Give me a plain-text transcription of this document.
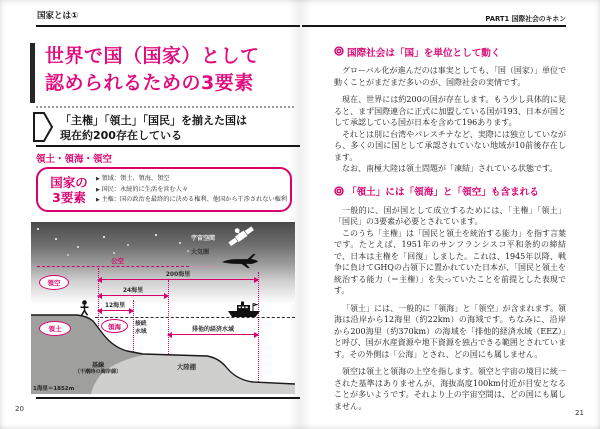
国家とは①
世界で国（国家）として
認められるための3要素
「主権」「領土」「国民」を揃えた国は
現在約200存在している
領土・領海・領空
国家の
3要素
▶ 領域：領土、領海、領空
▶ 国民：永続的に生活を営む人々
▶ 主権：国の政治を最終的に決める権利、他国から干渉されない権利
宇宙空間
大気圏
公空
200海里
24海里
12海里
排他的経済水域
領空
領土	領海	接続
水域
大陸棚
基線
（干潮時の海岸線）
1海里＝1852m
20
PART1 国際社会のキホン
国際社会は「国」を単位として動く

グローバル化が進んだのは事実としても、「国（国家）」単位で動くことがまだまだ多いのが、国際社会の実情です。

現在、世界には約200の国が存在します。もう少し具体的に見ると、まず国際連合に正式に加盟している国が193、日本が国として承認している国が日本を含めて196あります。

それとは別に台湾やパレスチナなど、実際には独立していながら、多くの国に国として承認されていない地域が10前後存在します。

なお、南極大陸は領土問題が「凍結」されている状態です。

「領土」には「領海」と「領空」も含まれる

一般的に、国が国として成立するためには、「主権」「領土」「国民」の3要素が必要とされています。

このうち「主権」は「国民と領土を統治する能力」を指す言葉です。たとえば、1951年のサンフランシスコ平和条約の締結で、日本は主権を「回復」しました。これは、1945年以降、戦争に負けてGHQの占領下に置かれていた日本が、「国民と領土を統治する能力（＝主権）」を失っていたことを前提とした表現です。

「領土」には、一般的に「領海」と「領空」が含まれます。領海は沿岸から12海里（約22km）の海域です。ちなみに、沿岸から200海里（約370km）の海域を「排他的経済水域（EEZ）」と呼び、国が水産資源や地下資源を独占できる範囲とされています。その外側は「公海」とされ、どの国にも属しません。

領空は領土と領海の上空を指します。領空と宇宙の境目に統一された基準はありませんが、海抜高度100km付近が目安となることが多いようです。それより上の宇宙空間は、どの国にも属しません。

21
